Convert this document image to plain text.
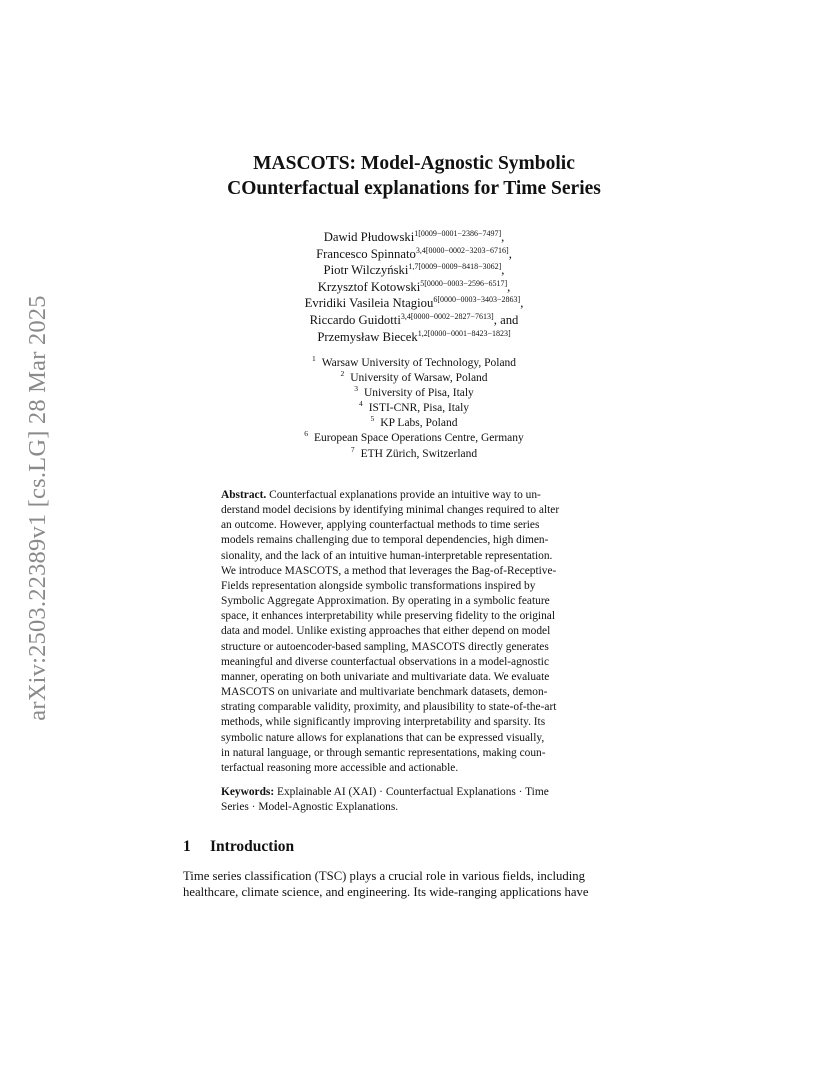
arXiv:2503.22389v1 [cs.LG] 28 Mar 2025
MASCOTS: Model-Agnostic Symbolic
COunterfactual explanations for Time Series
Dawid Płudowski$^{1[0009-0001-2386-7497]}$,
Francesco Spinnato$^{3,4[0000-0002-3203-6716]}$,
Piotr Wilczyński$^{1,7[0009-0009-8418-3062]}$,
Krzysztof Kotowski$^{5[0000-0003-2596-6517]}$,
Evridiki Vasileia Ntagiou$^{6[0000-0003-3403-2863]}$,
Riccardo Guidotti$^{3,4[0000-0002-2827-7613]}$, and
Przemysław Biecek$^{1,2[0000-0001-8423-1823]}$
$^1$ Warsaw University of Technology, Poland
$^2$ University of Warsaw, Poland
$^3$ University of Pisa, Italy
$^4$ ISTI-CNR, Pisa, Italy
$^5$ KP Labs, Poland
$^6$ European Space Operations Centre, Germany
$^7$ ETH Zürich, Switzerland
Abstract. Counterfactual explanations provide an intuitive way to un-
derstand model decisions by identifying minimal changes required to alter
an outcome. However, applying counterfactual methods to time series
models remains challenging due to temporal dependencies, high dimen-
sionality, and the lack of an intuitive human-interpretable representation.
We introduce MASCOTS, a method that leverages the Bag-of-Receptive-
Fields representation alongside symbolic transformations inspired by
Symbolic Aggregate Approximation. By operating in a symbolic feature
space, it enhances interpretability while preserving fidelity to the original
data and model. Unlike existing approaches that either depend on model
structure or autoencoder-based sampling, MASCOTS directly generates
meaningful and diverse counterfactual observations in a model-agnostic
manner, operating on both univariate and multivariate data. We evaluate
MASCOTS on univariate and multivariate benchmark datasets, demon-
strating comparable validity, proximity, and plausibility to state-of-the-art
methods, while significantly improving interpretability and sparsity. Its
symbolic nature allows for explanations that can be expressed visually,
in natural language, or through semantic representations, making coun-
terfactual reasoning more accessible and actionable.
Keywords: Explainable AI (XAI) · Counterfactual Explanations · Time
Series · Model-Agnostic Explanations.
1 Introduction
Time series classification (TSC) plays a crucial role in various fields, including
healthcare, climate science, and engineering. Its wide-ranging applications have
